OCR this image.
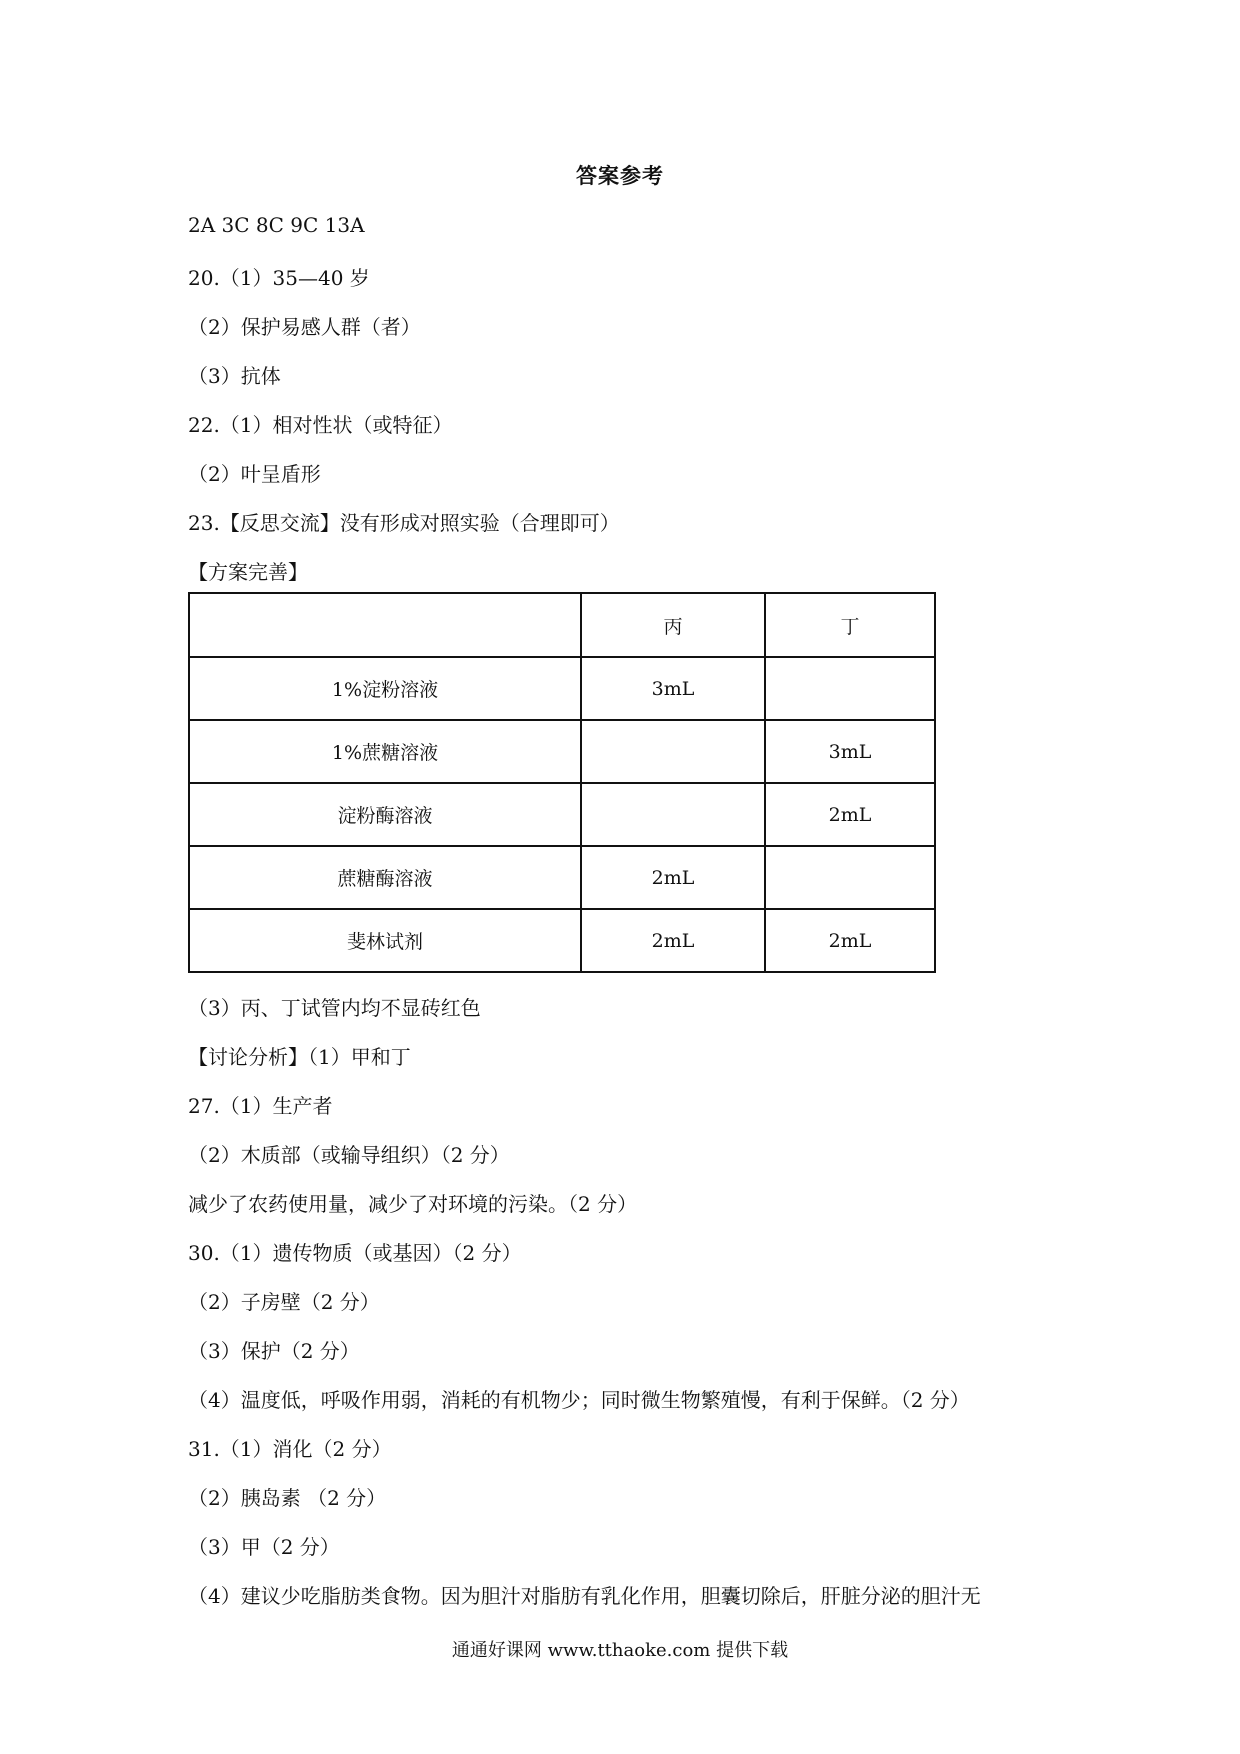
答案参考
2A 3C 8C 9C 13A
20.（1）35—40 岁
（2）保护易感人群（者）
（3）抗体
22.（1）相对性状（或特征）
（2）叶呈盾形
23.【反思交流】没有形成对照实验（合理即可）
【方案完善】
	丙	丁
1%淀粉溶液	3mL	
1%蔗糖溶液		3mL
淀粉酶溶液		2mL
蔗糖酶溶液	2mL	
斐林试剂	2mL	2mL
（3）丙、丁试管内均不显砖红色
【讨论分析】（1）甲和丁
27.（1）生产者
（2）木质部（或输导组织）（2 分）
减少了农药使用量，减少了对环境的污染。（2 分）
30.（1）遗传物质（或基因）（2 分）
（2）子房壁（2 分）
（3）保护（2 分）
（4）温度低，呼吸作用弱，消耗的有机物少；同时微生物繁殖慢，有利于保鲜。（2 分）
31.（1）消化（2 分）
（2）胰岛素 （2 分）
（3）甲（2 分）
（4）建议少吃脂肪类食物。因为胆汁对脂肪有乳化作用，胆囊切除后，肝脏分泌的胆汁无
通通好课网 www.tthaoke.com 提供下载
